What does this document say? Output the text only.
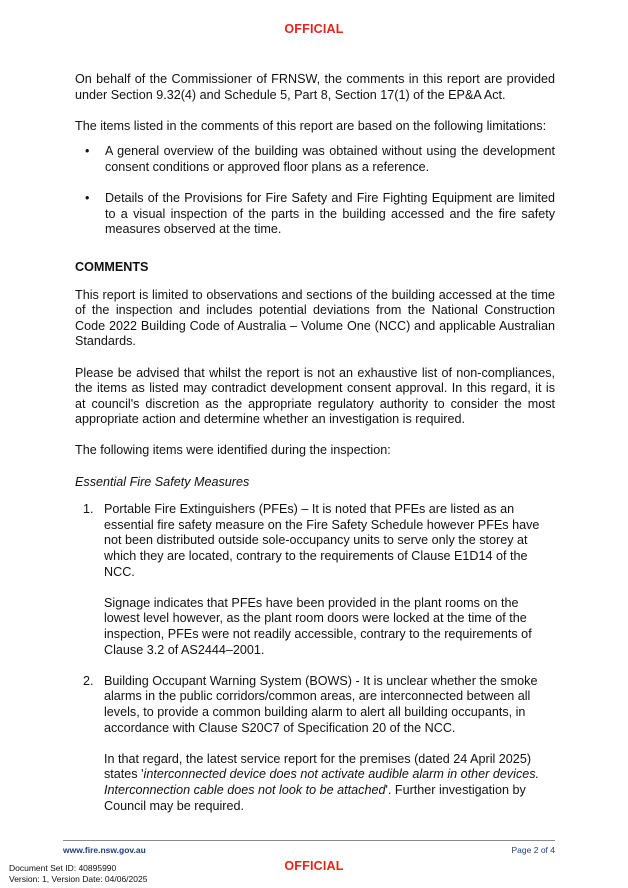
OFFICIAL

On behalf of the Commissioner of FRNSW, the comments in this report are provided under Section 9.32(4) and Schedule 5, Part 8, Section 17(1) of the EP&A Act.

The items listed in the comments of this report are based on the following limitations:

• A general overview of the building was obtained without using the development consent conditions or approved floor plans as a reference.
• Details of the Provisions for Fire Safety and Fire Fighting Equipment are limited to a visual inspection of the parts in the building accessed and the fire safety measures observed at the time.
COMMENTS

This report is limited to observations and sections of the building accessed at the time of the inspection and includes potential deviations from the National Construction Code 2022 Building Code of Australia – Volume One (NCC) and applicable Australian Standards.

Please be advised that whilst the report is not an exhaustive list of non-compliances, the items as listed may contradict development consent approval. In this regard, it is at council's discretion as the appropriate regulatory authority to consider the most appropriate action and determine whether an investigation is required.

The following items were identified during the inspection:

Essential Fire Safety Measures

1. Portable Fire Extinguishers (PFEs) – It is noted that PFEs are listed as an essential fire safety measure on the Fire Safety Schedule however PFEs have not been distributed outside sole-occupancy units to serve only the storey at which they are located, contrary to the requirements of Clause E1D14 of the NCC.

Signage indicates that PFEs have been provided in the plant rooms on the lowest level however, as the plant room doors were locked at the time of the inspection, PFEs were not readily accessible, contrary to the requirements of Clause 3.2 of AS2444–2001.

2. Building Occupant Warning System (BOWS) - It is unclear whether the smoke alarms in the public corridors/common areas, are interconnected between all levels, to provide a common building alarm to alert all building occupants, in accordance with Clause S20C7 of Specification 20 of the NCC.

In that regard, the latest service report for the premises (dated 24 April 2025) states 'interconnected device does not activate audible alarm in other devices. Interconnection cable does not look to be attached'. Further investigation by Council may be required.

www.fire.nsw.gov.au	Page 2 of 4
OFFICIAL
Document Set ID: 40895990
Version: 1, Version Date: 04/06/2025
